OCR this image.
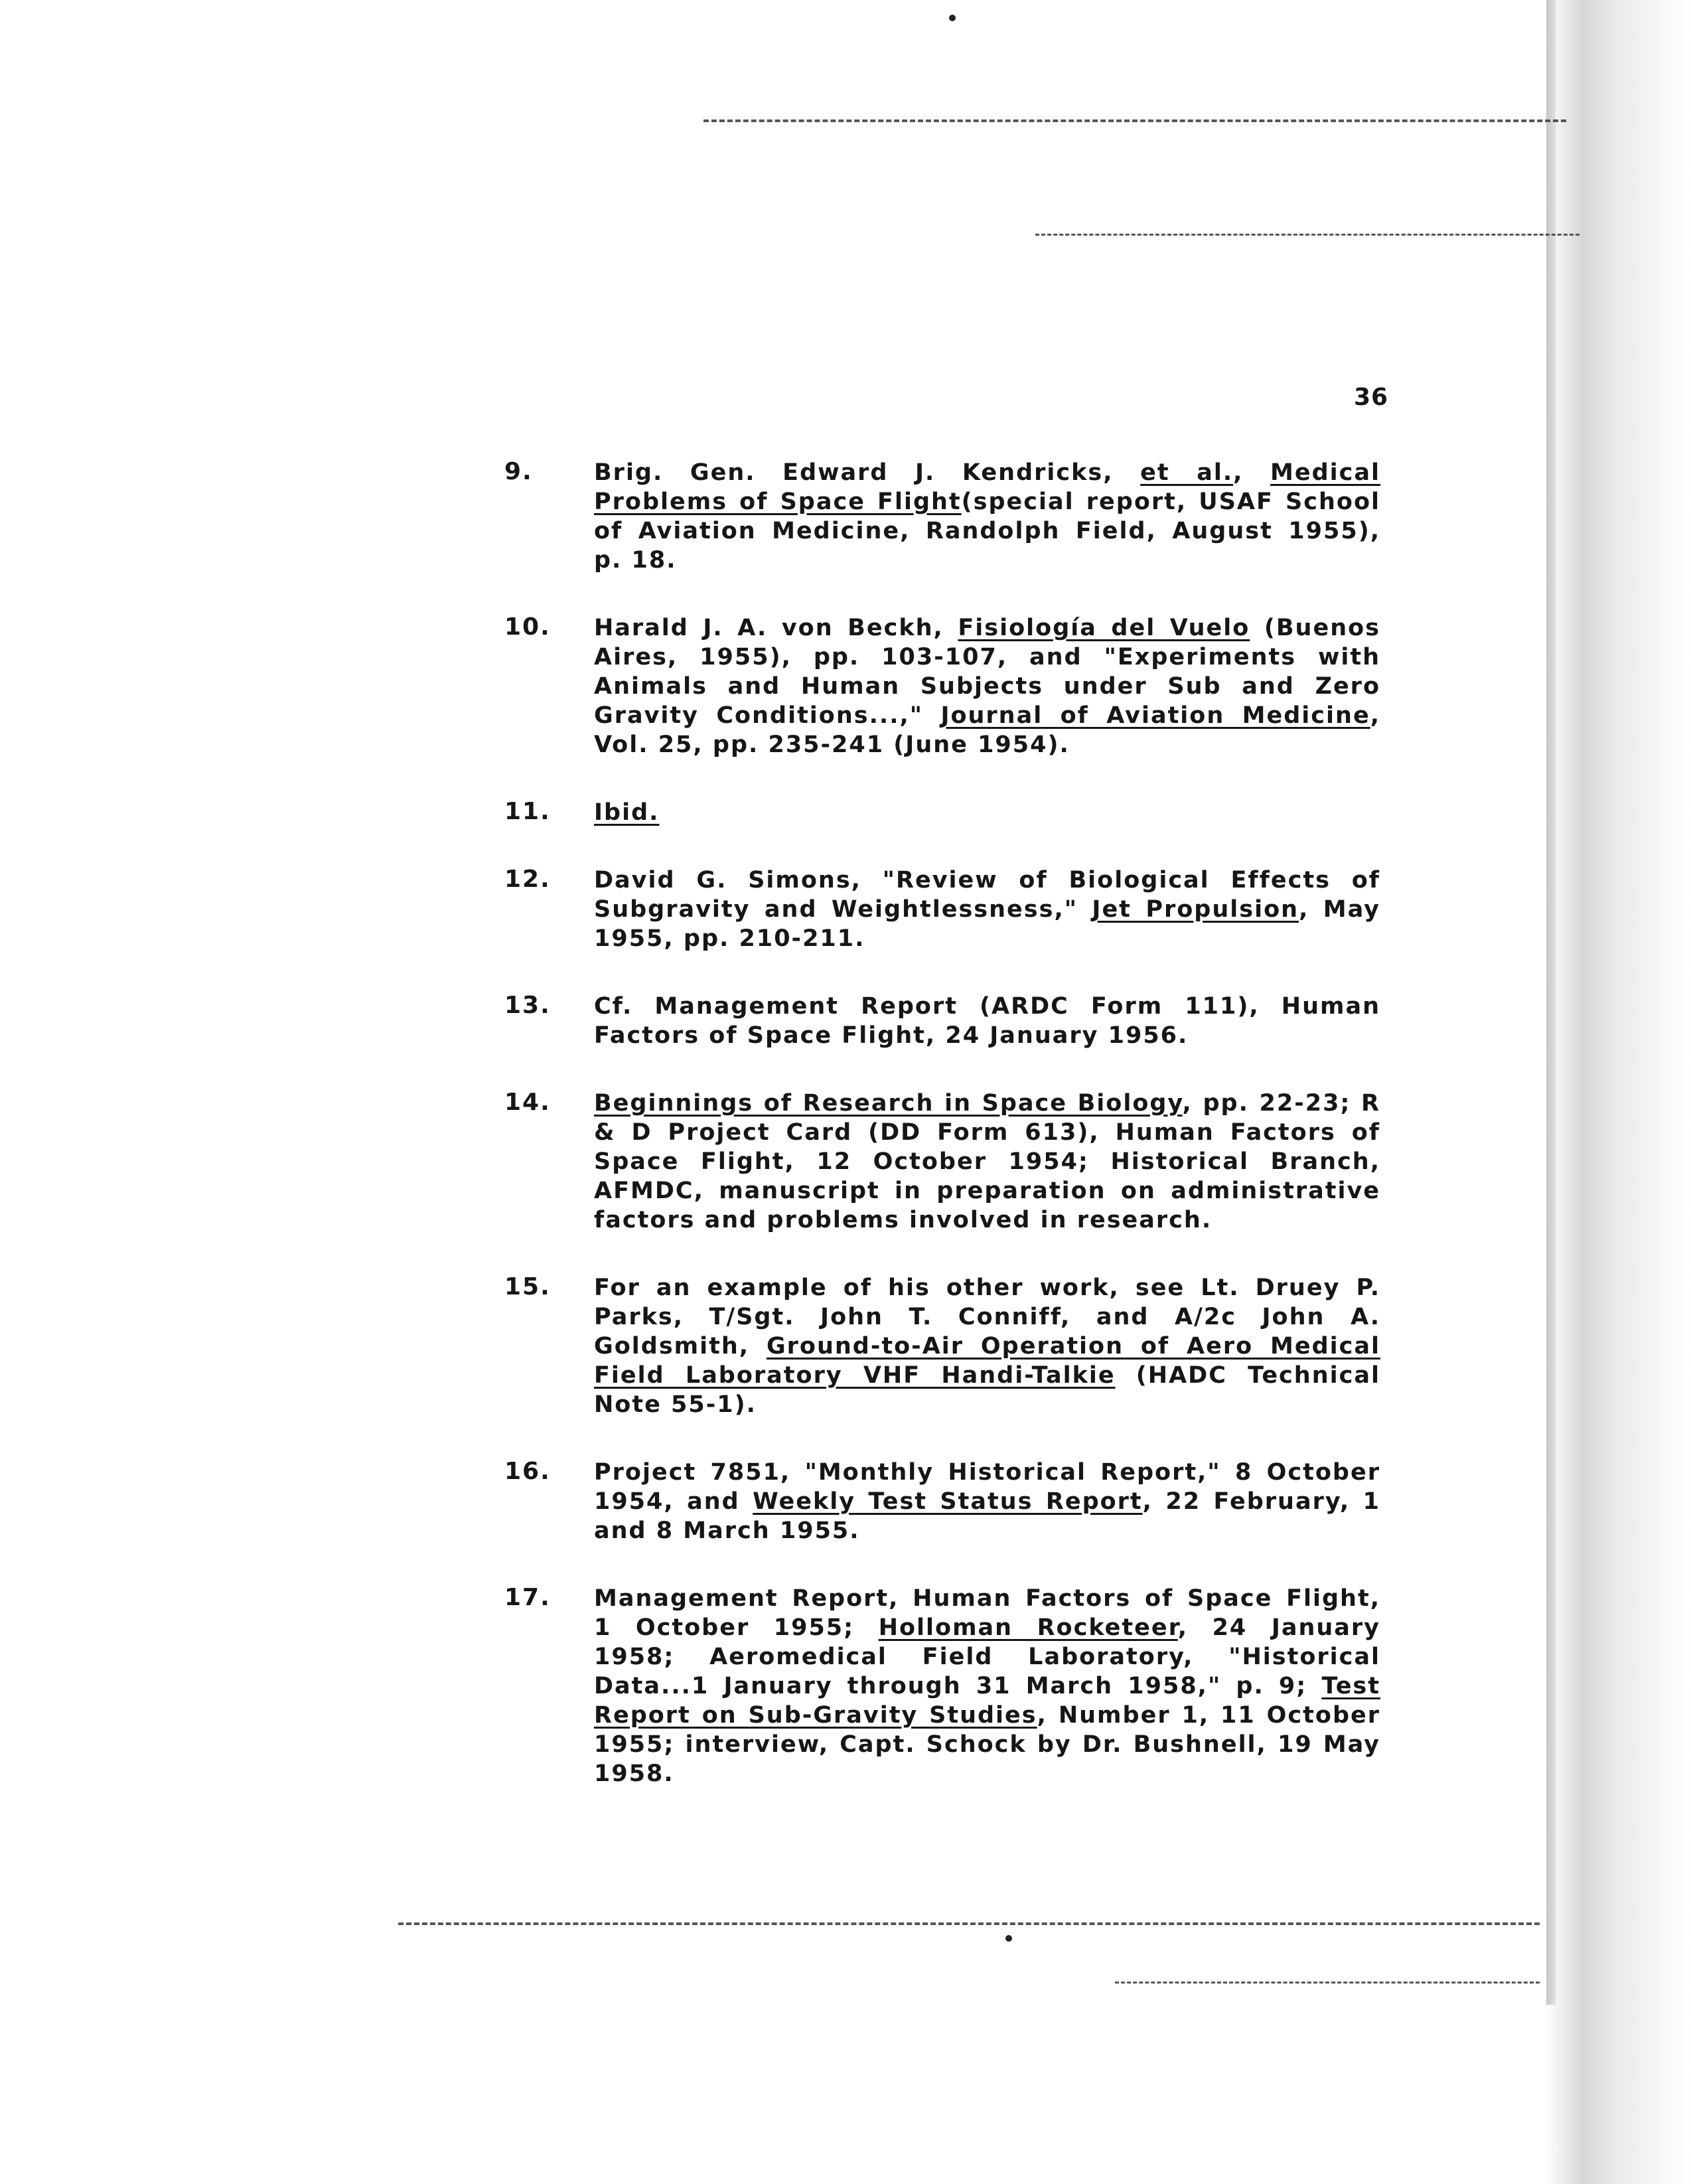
36
9.	Brig. Gen. Edward J. Kendricks, et al., Medical Problems of Space Flight(special report, USAF School of Aviation Medicine, Randolph Field, August 1955), p. 18.
10. Harald J. A. von Beckh, Fisiología del Vuelo (Buenos Aires, 1955), pp. 103-107, and "Experiments with Animals and Human Subjects under Sub and Zero Gravity Conditions...," Journal of Aviation Medicine, Vol. 25, pp. 235-241 (June 1954).
11. Ibid.
12. David G. Simons, "Review of Biological Effects of Subgravity and Weightlessness," Jet Propulsion, May 1955, pp. 210-211.
13. Cf. Management Report (ARDC Form 111), Human Factors of Space Flight, 24 January 1956.
14. Beginnings of Research in Space Biology, pp. 22-23; R & D Project Card (DD Form 613), Human Factors of Space Flight, 12 October 1954; Historical Branch, AFMDC, manuscript in preparation on administrative factors and problems involved in research.
15. For an example of his other work, see Lt. Druey P. Parks, T/Sgt. John T. Conniff, and A/2c John A. Goldsmith, Ground-to-Air Operation of Aero Medical Field Laboratory VHF Handi-Talkie (HADC Technical Note 55-1).
16. Project 7851, "Monthly Historical Report," 8 October 1954, and Weekly Test Status Report, 22 February, 1 and 8 March 1955.
17. Management Report, Human Factors of Space Flight, 1 October 1955; Holloman Rocketeer, 24 January 1958; Aeromedical Field Laboratory, "Historical Data...1 January through 31 March 1958," p. 9; Test Report on Sub-Gravity Studies, Number 1, 11 October 1955; interview, Capt. Schock by Dr. Bushnell, 19 May 1958.
